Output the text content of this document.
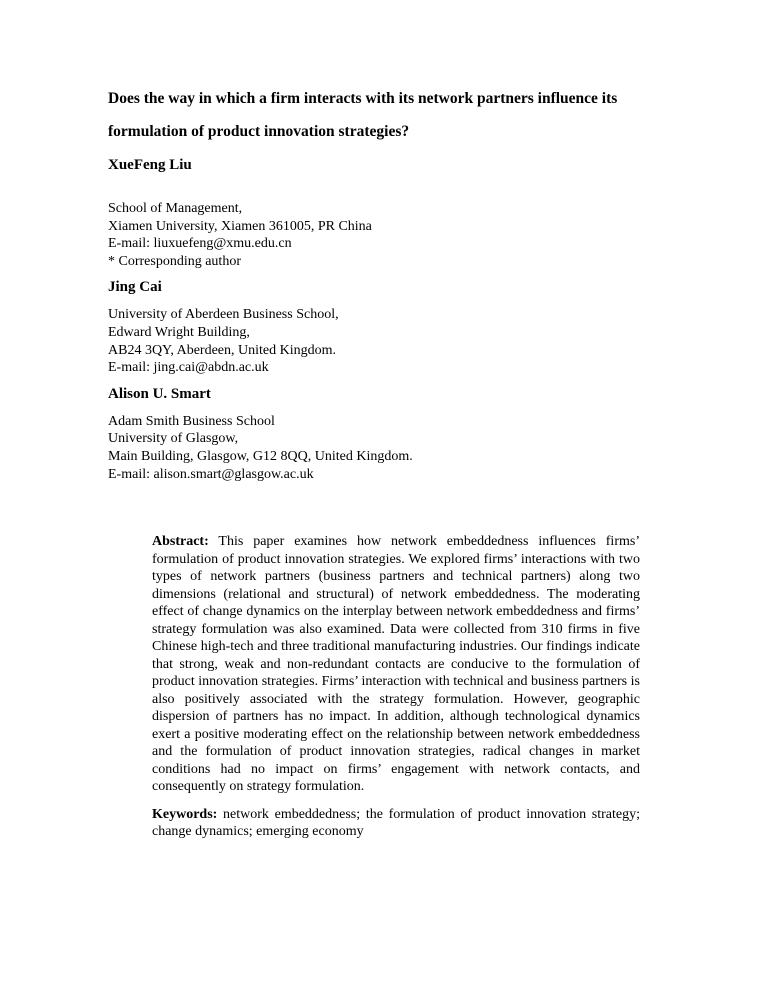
Does the way in which a firm interacts with its network partners influence its formulation of product innovation strategies?
XueFeng Liu
School of Management,
Xiamen University, Xiamen 361005, PR China
E-mail: liuxuefeng@xmu.edu.cn
* Corresponding author
Jing Cai
University of Aberdeen Business School,
Edward Wright Building,
AB24 3QY, Aberdeen, United Kingdom.
E-mail: jing.cai@abdn.ac.uk
Alison U. Smart
Adam Smith Business School
University of Glasgow,
Main Building, Glasgow, G12 8QQ, United Kingdom.
E-mail: alison.smart@glasgow.ac.uk

Abstract: This paper examines how network embeddedness influences firms’ formulation of product innovation strategies. We explored firms’ interactions with two types of network partners (business partners and technical partners) along two dimensions (relational and structural) of network embeddedness. The moderating effect of change dynamics on the interplay between network embeddedness and firms’ strategy formulation was also examined. Data were collected from 310 firms in five Chinese high-tech and three traditional manufacturing industries. Our findings indicate that strong, weak and non-redundant contacts are conducive to the formulation of product innovation strategies. Firms’ interaction with technical and business partners is also positively associated with the strategy formulation. However, geographic dispersion of partners has no impact. In addition, although technological dynamics exert a positive moderating effect on the relationship between network embeddedness and the formulation of product innovation strategies, radical changes in market conditions had no impact on firms’ engagement with network contacts, and consequently on strategy formulation.

Keywords: network embeddedness; the formulation of product innovation strategy; change dynamics; emerging economy
